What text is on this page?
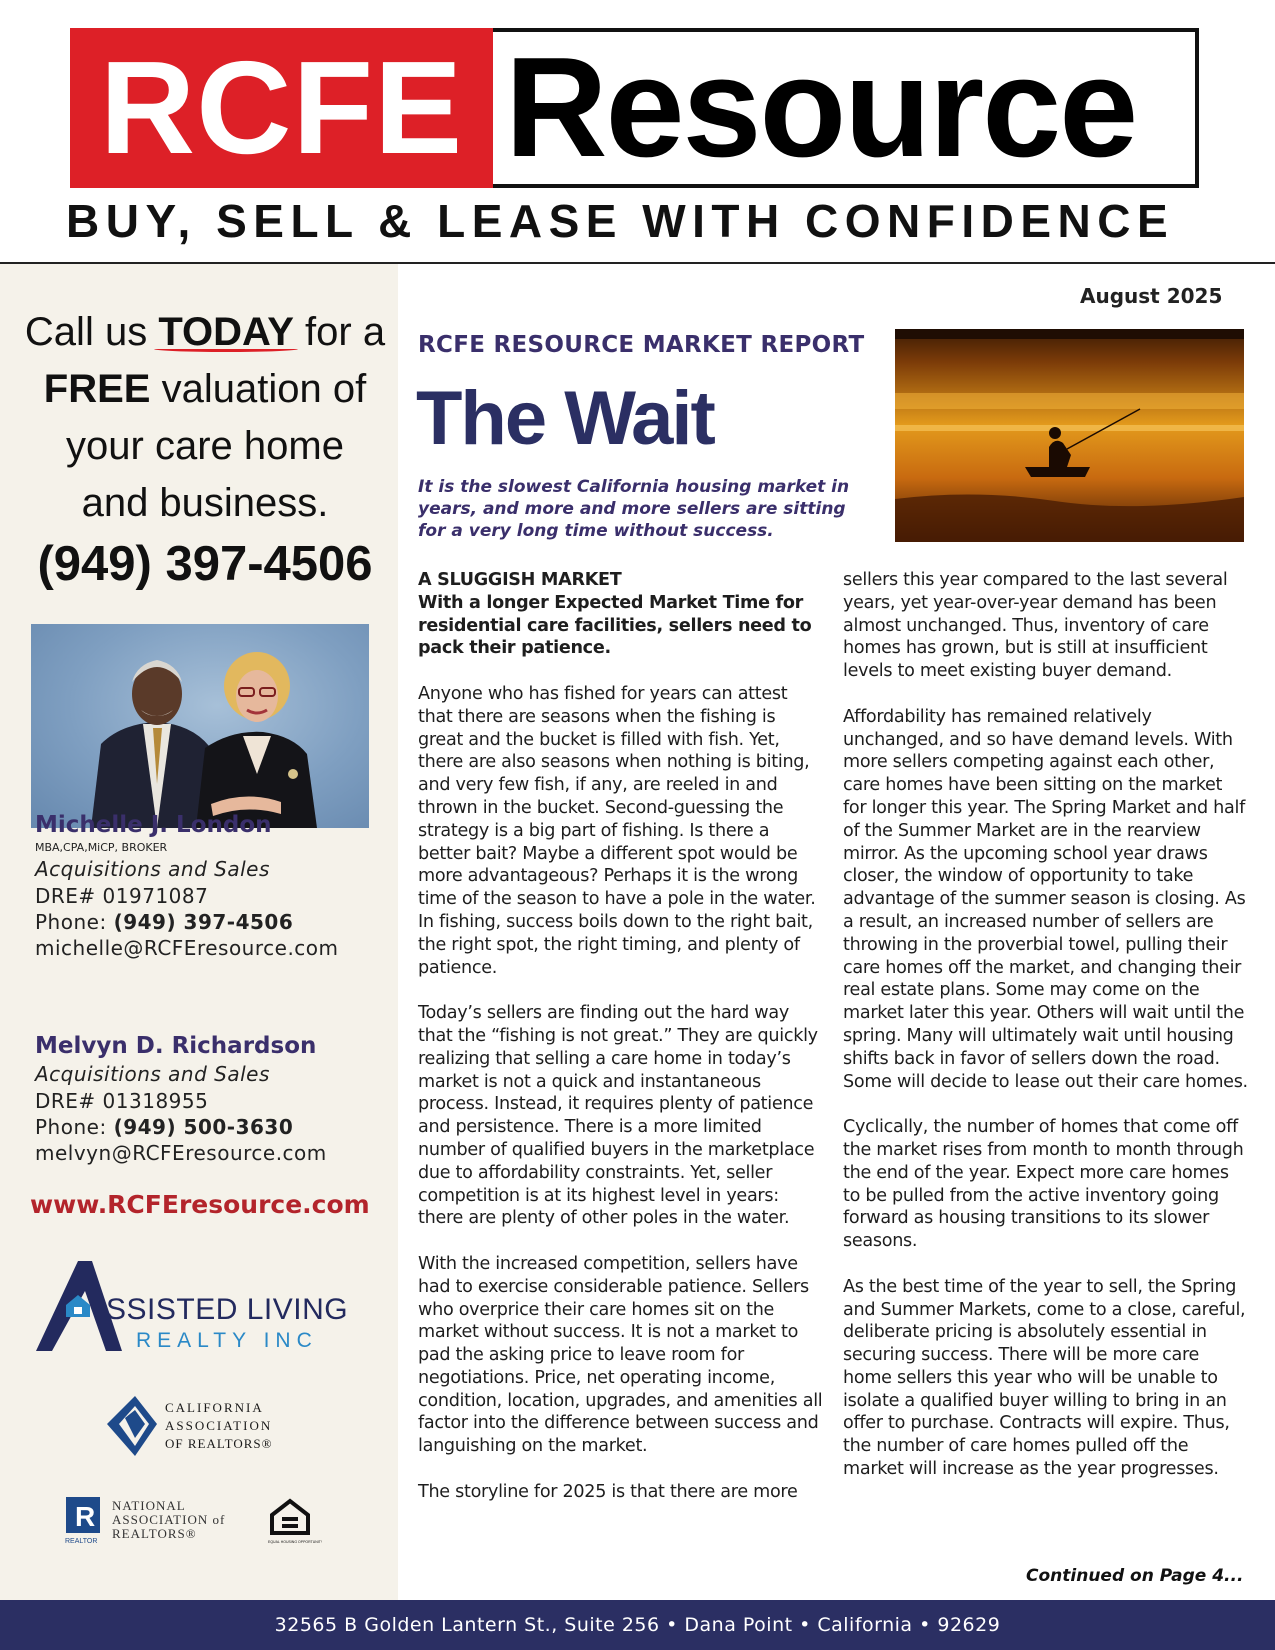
RCFE Resource
BUY, SELL & LEASE WITH CONFIDENCE
Call us TODAY
for a
FREE valuation of
your care home
and business.
(949) 397-4506
Michelle J. London
MBA,CPA,MiCP, BROKER
Acquisitions and Sales
DRE# 01971087
Phone: (949) 397-4506
michelle@RCFEresource.com
Melvyn D. Richardson
Acquisitions and Sales
DRE# 01318955
Phone: (949) 500-3630
melvyn@RCFEresource.com
www.RCFEresource.com
SSISTED LIVING
REALTY INC
CALIFORNIA
ASSOCIATION
OF REALTORS®
R
REALTOR
NATIONAL
ASSOCIATION of
REALTORS®
EQUAL HOUSING OPPORTUNITY
August 2025
RCFE RESOURCE MARKET REPORT
The Wait
It is the slowest California housing market in years, and more and more sellers are sitting for a very long time without success.
A SLUGGISH MARKET

With a longer Expected Market Time for residential care facilities, sellers need to pack their patience.

Anyone who has fished for years can attest that there are seasons when the fishing is great and the bucket is filled with fish. Yet, there are also seasons when nothing is biting, and very few fish, if any, are reeled in and thrown in the bucket. Second-guessing the strategy is a big part of fishing. Is there a better bait? Maybe a different spot would be more advantageous? Perhaps it is the wrong time of the season to have a pole in the water. In fishing, success boils down to the right bait, the right spot, the right timing, and plenty of patience.

Today’s sellers are finding out the hard way that the “fishing is not great.” They are quickly realizing that selling a care home in today’s market is not a quick and instantaneous process. Instead, it requires plenty of patience and persistence. There is a more limited number of qualified buyers in the marketplace due to affordability constraints. Yet, seller competition is at its highest level in years: there are plenty of other poles in the water.

With the increased competition, sellers have had to exercise considerable patience. Sellers who overprice their care homes sit on the market without success. It is not a market to pad the asking price to leave room for negotiations. Price, net operating income, condition, location, upgrades, and amenities all factor into the difference between success and languishing on the market.

The storyline for 2025 is that there are more

sellers this year compared to the last several years, yet year-over-year demand has been almost unchanged. Thus, inventory of care homes has grown, but is still at insufficient levels to meet existing buyer demand.

Affordability has remained relatively unchanged, and so have demand levels. With more sellers competing against each other, care homes have been sitting on the market for longer this year. The Spring Market and half of the Summer Market are in the rearview mirror. As the upcoming school year draws closer, the window of opportunity to take advantage of the summer season is closing. As a result, an increased number of sellers are throwing in the proverbial towel, pulling their care homes off the market, and changing their real estate plans. Some may come on the market later this year. Others will wait until the spring. Many will ultimately wait until housing shifts back in favor of sellers down the road. Some will decide to lease out their care homes.

Cyclically, the number of homes that come off the market rises from month to month through the end of the year. Expect more care homes to be pulled from the active inventory going forward as housing transitions to its slower seasons.

As the best time of the year to sell, the Spring and Summer Markets, come to a close, careful, deliberate pricing is absolutely essential in securing success. There will be more care home sellers this year who will be unable to isolate a qualified buyer willing to bring in an offer to purchase. Contracts will expire. Thus, the number of care homes pulled off the market will increase as the year progresses.

Continued on Page 4...
32565 B Golden Lantern St., Suite 256 • Dana Point • California • 92629
